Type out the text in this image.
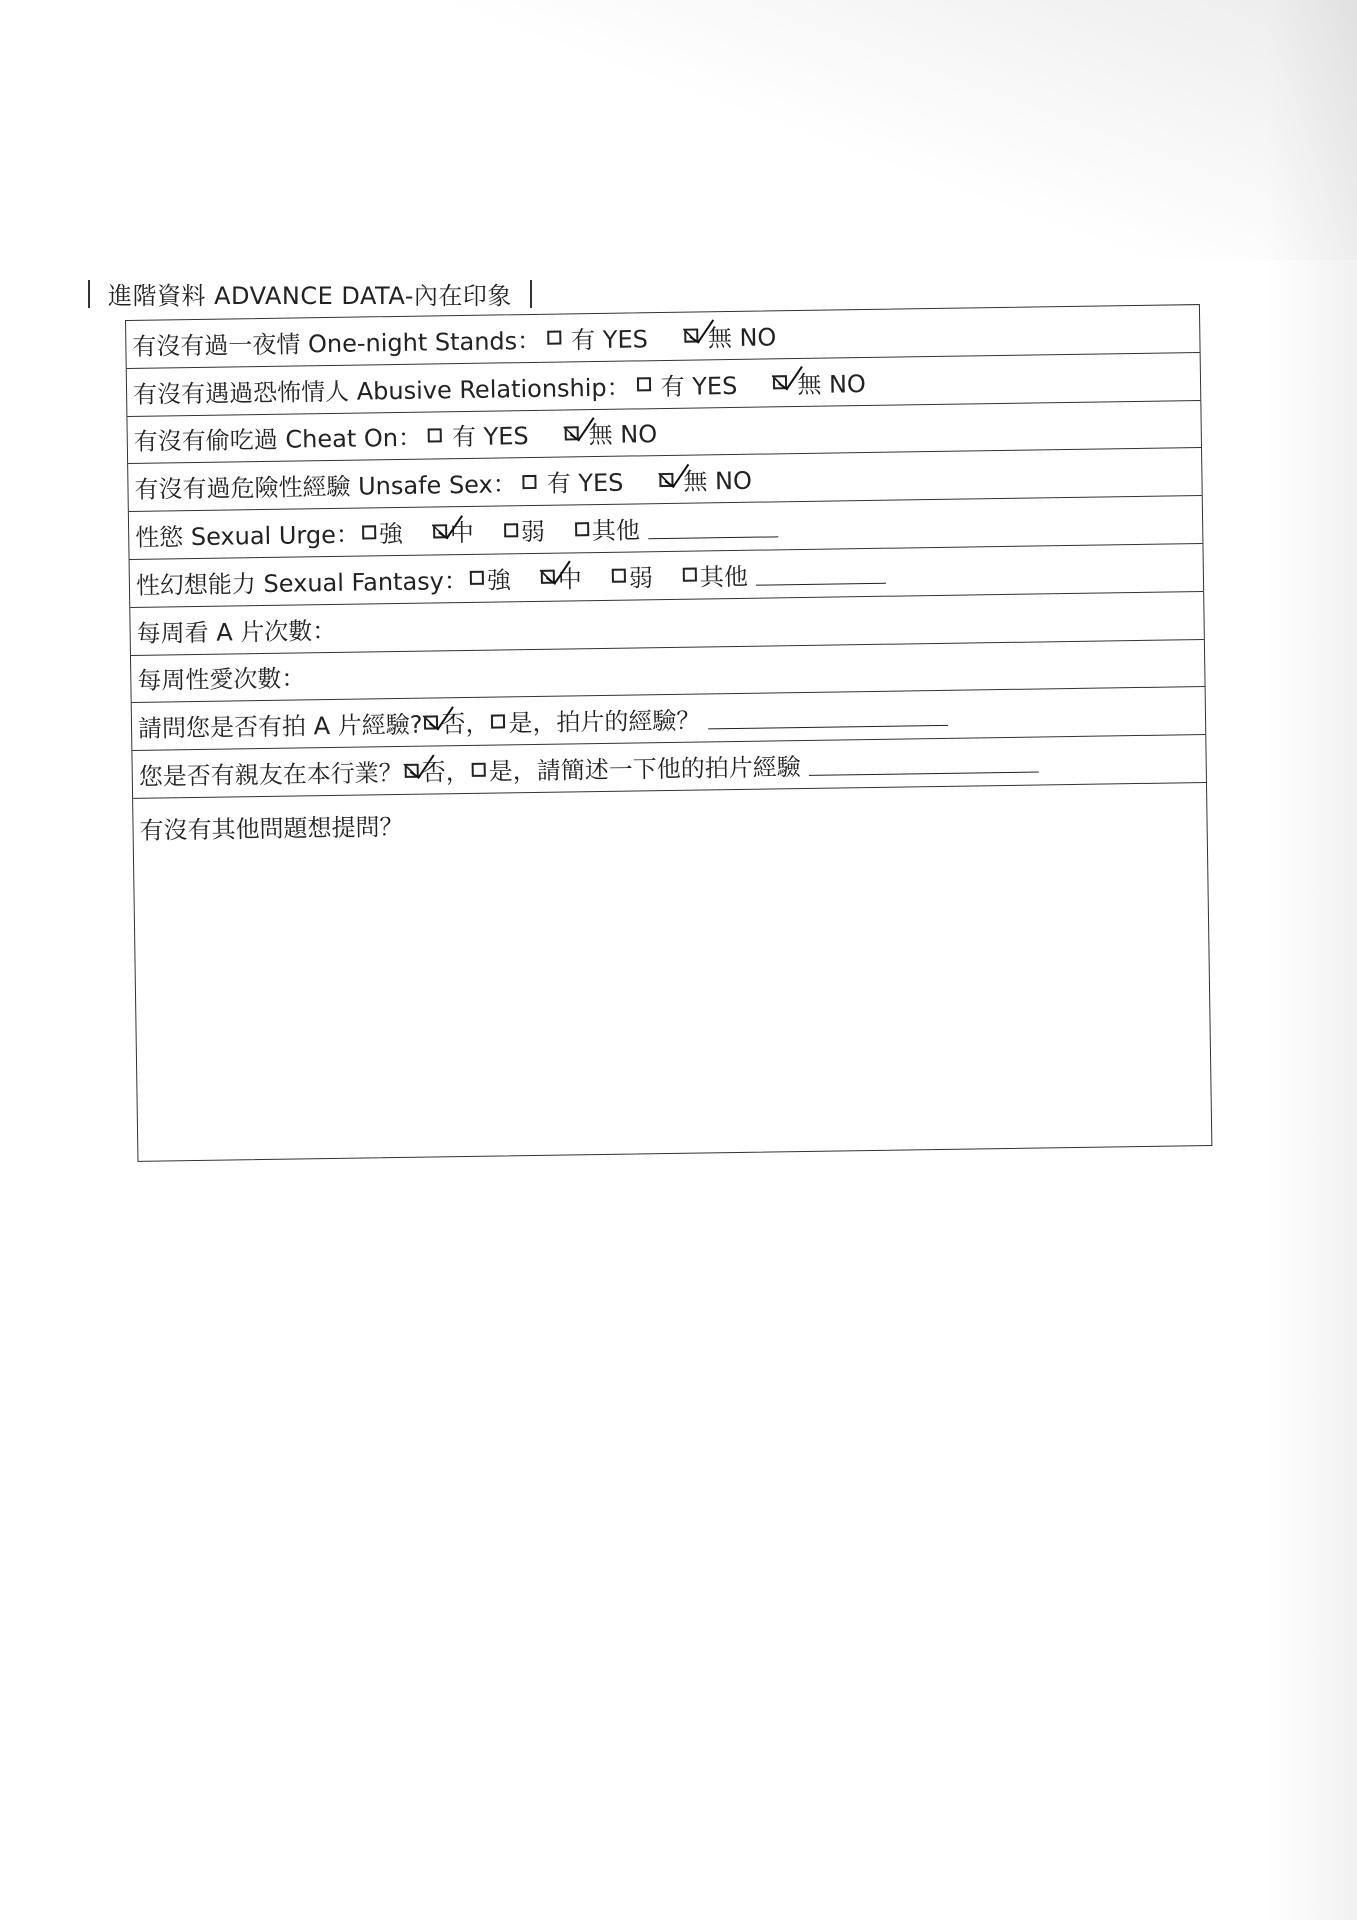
進階資料 ADVANCE DATA-內在印象
有沒有過一夜情 One-night Stands： 有 YES 無 NO
有沒有遇過恐怖情人 Abusive Relationship： 有 YES 無 NO
有沒有偷吃過 Cheat On： 有 YES 無 NO
有沒有過危險性經驗 Unsafe Sex： 有 YES 無 NO
性慾 Sexual Urge： 強 中 弱 其他
性幻想能力 Sexual Fantasy： 強 中 弱 其他
每周看 A 片次數：
每周性愛次數：
請問您是否有拍 A 片經驗? 否， 是，拍片的經驗？
您是否有親友在本行業？ 否， 是，請簡述一下他的拍片經驗
有沒有其他問題想提問？
